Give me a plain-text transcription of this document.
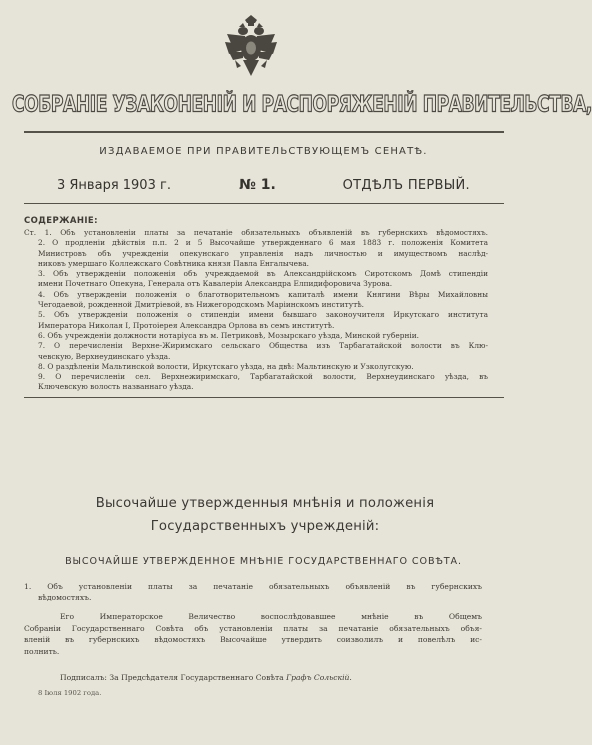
СОБРАНІЕ УЗАКОНЕНІЙ И РАСПОРЯЖЕНІЙ ПРАВИТЕЛЬСТВА,
ИЗДАВАЕМОЕ ПРИ ПРАВИТЕЛЬСТВУЮЩЕМЪ СЕНАТѢ.
3 Января 1903 г.	№ 1.	ОТДѢЛЪ ПЕРВЫЙ.
СОДЕРЖАНІЕ:
Ст. 1. Объ установленіи платы за печатаніе обязательныхъ объявленій въ губернскихъ вѣдомостяхъ.
2. О продленіи дѣйствія п.п. 2 и 5 Высочайше утвержденнаго 6 мая 1883 г. положенія Комитета
Министровъ объ учрежденіи опекунскаго управленія надъ личностью и имуществомъ наслѣд-
никовъ умершаго Коллежскаго Совѣтника князя Павла Енгалычева.
3. Объ утвержденіи положенія объ учреждаемой въ Александрійскомъ Сиротскомъ Домѣ стипендіи
имени Почетнаго Опекуна, Генерала отъ Кавалеріи Александра Елпидифоровича Зурова.
4. Объ утвержденіи положенія о благотворительномъ капиталѣ имени Княгини Вѣры Михайловны
Чегодаевой, рожденной Дмитріевой, въ Нижегородскомъ Маріинскомъ институтѣ.
5. Объ утвержденіи положенія о стипендіи имени бывшаго законоучителя Иркутскаго института
Императора Николая I, Протоіерея Александра Орлова въ семъ институтѣ.
6. Объ учрежденіи должности нотаріуса въ м. Петриковѣ, Мозырскаго уѣзда, Минской губерніи.
7. О перечисленіи Верхне-Жиримскаго сельскаго Общества изъ Тарбагатайской волости въ Клю-
чевскую, Верхнеудинскаго уѣзда.
8. О раздѣленіи Мальтинской волости, Иркутскаго уѣзда, на двѣ: Мальтинскую и Узколугскую.
9. О перечисленіи сел. Верхнежиримскаго, Тарбагатайской волости, Верхнеудинскаго уѣзда, въ
Ключевскую волость названнаго уѣзда.
Высочайше утвержденныя мнѣнія и положенія Государственныхъ учрежденій:
ВЫСОЧАЙШЕ УТВЕРЖДЕННОЕ МНѢНІЕ ГОСУДАРСТВЕННАГО СОВѢТА.
1. Объ установленіи платы за печатаніе обязательныхъ объявленій въ губернскихъ
вѣдомостяхъ.
Его Императорское Величество воспослѣдовавшее мнѣніе въ Общемъ
Собраніи Государственнаго Совѣта объ установленіи платы за печатаніе обязательныхъ объя-
вленій въ губернскихъ вѣдомостяхъ Высочайше утвердить соизволилъ и повелѣлъ ис-
полнить.
Подписалъ: За Предсѣдателя Государственнаго Совѣта Графъ Сольскій.
8 Іюля 1902 года.
